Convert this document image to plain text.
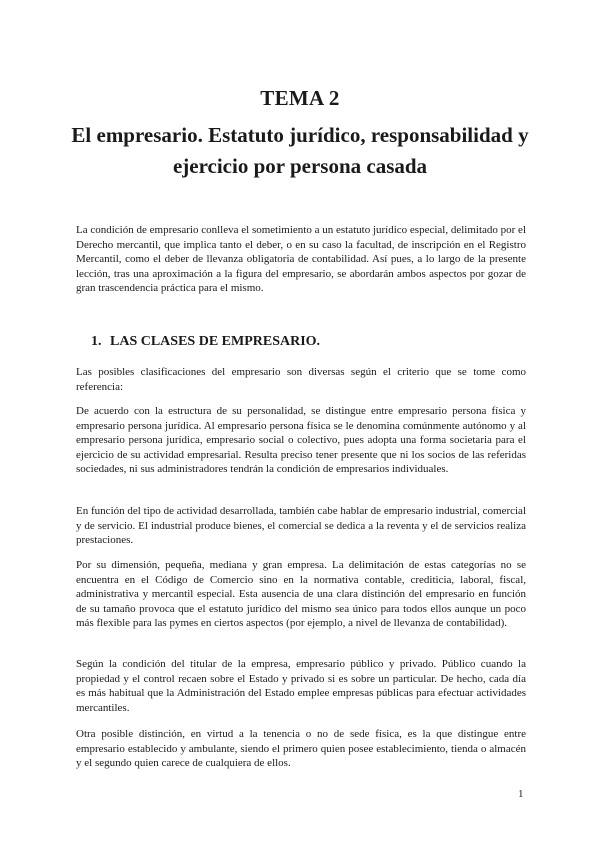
TEMA 2
El empresario. Estatuto jurídico, responsabilidad y ejercicio por persona casada

La condición de empresario conlleva el sometimiento a un estatuto jurídico especial, delimitado por el Derecho mercantil, que implica tanto el deber, o en su caso la facultad, de inscripción en el Registro Mercantil, como el deber de llevanza obligatoria de contabilidad. Así pues, a lo largo de la presente lección, tras una aproximación a la figura del empresario, se abordarán ambos aspectos por gozar de gran trascendencia práctica para el mismo.

1. LAS CLASES DE EMPRESARIO.

Las posibles clasificaciones del empresario son diversas según el criterio que se tome como referencia:

De acuerdo con la estructura de su personalidad, se distingue entre empresario persona física y empresario persona jurídica. Al empresario persona física se le denomina comúnmente autónomo y al empresario persona jurídica, empresario social o colectivo, pues adopta una forma societaria para el ejercicio de su actividad empresarial. Resulta preciso tener presente que ni los socios de las referidas sociedades, ni sus administradores tendrán la condición de empresarios individuales.

En función del tipo de actividad desarrollada, también cabe hablar de empresario industrial, comercial y de servicio. El industrial produce bienes, el comercial se dedica a la reventa y el de servicios realiza prestaciones.

Por su dimensión, pequeña, mediana y gran empresa. La delimitación de estas categorías no se encuentra en el Código de Comercio sino en la normativa contable, crediticia, laboral, fiscal, administrativa y mercantil especial. Esta ausencia de una clara distinción del empresario en función de su tamaño provoca que el estatuto jurídico del mismo sea único para todos ellos aunque un poco más flexible para las pymes en ciertos aspectos (por ejemplo, a nivel de llevanza de contabilidad).

Según la condición del titular de la empresa, empresario público y privado. Público cuando la propiedad y el control recaen sobre el Estado y privado si es sobre un particular. De hecho, cada día es más habitual que la Administración del Estado emplee empresas públicas para efectuar actividades mercantiles.

Otra posible distinción, en virtud a la tenencia o no de sede física, es la que distingue entre empresario establecido y ambulante, siendo el primero quien posee establecimiento, tienda o almacén y el segundo quien carece de cualquiera de ellos.

1
